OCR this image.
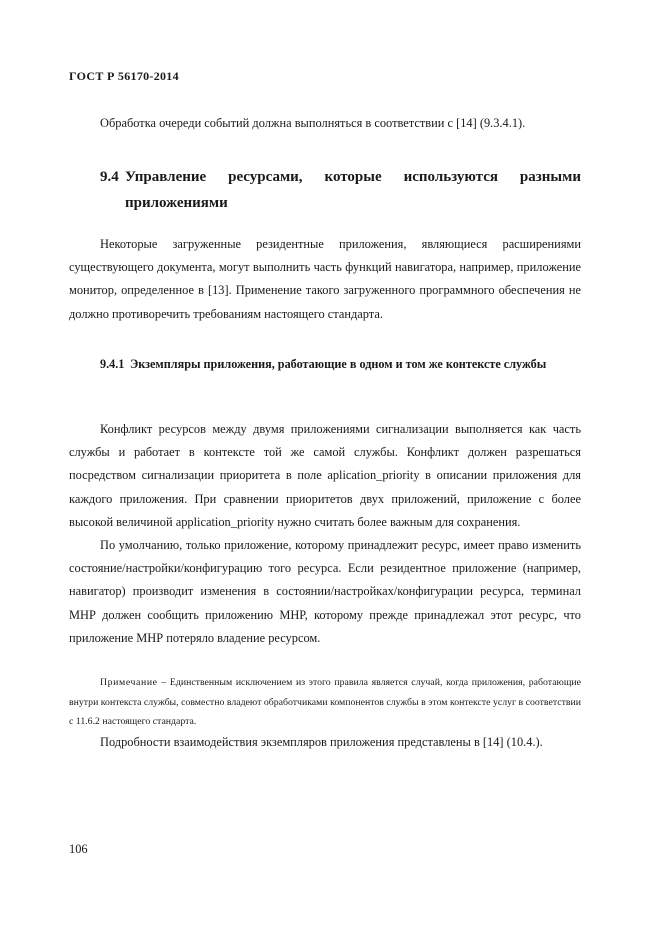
ГОСТ Р 56170-2014

Обработка очереди событий должна выполняться в соответствии с [14] (9.3.4.1).

9.4 Управление ресурсами, которые используются разными приложениями

Некоторые загруженные резидентные приложения, являющиеся расширениями существующего документа, могут выполнить часть функций навигатора, например, приложение монитор, определенное в [13]. Применение такого загруженного программного обеспечения не должно противоречить требованиям настоящего стандарта.

9.4.1 Экземпляры приложения, работающие в одном и том же контексте службы

Конфликт ресурсов между двумя приложениями сигнализации выполняется как часть службы и работает в контексте той же самой службы. Конфликт должен разрешаться посредством сигнализации приоритета в поле aplication_priority в описании приложения для каждого приложения. При сравнении приоритетов двух приложений, приложение с более высокой величиной application_priority нужно считать более важным для сохранения.

По умолчанию, только приложение, которому принадлежит ресурс, имеет право изменить состояние/настройки/конфигурацию того ресурса. Если резидентное приложение (например, навигатор) производит изменения в состоянии/настройках/конфигурации ресурса, терминал МНР должен сообщить приложению МНР, которому прежде принадлежал этот ресурс, что приложение МНР потеряло владение ресурсом.

Примечание – Единственным исключением из этого правила является случай, когда приложения, работающие внутри контекста службы, совместно владеют обработчиками компонентов службы в этом контексте услуг в соответствии с 11.6.2 настоящего стандарта.

Подробности взаимодействия экземпляров приложения представлены в [14] (10.4.).

106
